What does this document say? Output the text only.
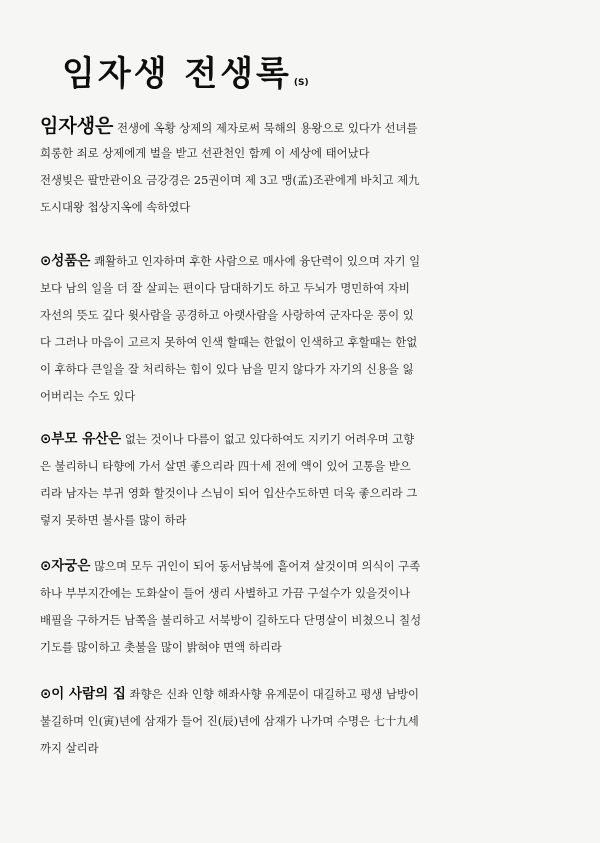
임자생 전생록 (S)
임자생은 전생에 옥황 상제의 제자로써 묵해의 용왕으로 있다가 선녀를
희롱한 죄로 상제에게 벌을 받고 선관천인 함께 이 세상에 태어났다
전생빚은 팔만관이요 금강경은 25권이며 제 3고 맹(孟)조관에게 바치고 제九
도시대왕 첩상지옥에 속하였다
⊙성품은 쾌활하고 인자하며 후한 사람으로 매사에 융단력이 있으며 자기 일
보다 남의 일을 더 잘 살피는 편이다 담대하기도 하고 두뇌가 명민하여 자비
자선의 뜻도 깊다 윗사람을 공경하고 아랫사람을 사랑하여 군자다운 풍이 있
다 그러나 마음이 고르지 못하여 인색 할때는 한없이 인색하고 후할때는 한없
이 후하다 큰일을 잘 처리하는 힘이 있다 남을 믿지 않다가 자기의 신용을 잃
어버리는 수도 있다
⊙부모 유산은 없는 것이나 다름이 없고 있다하여도 지키기 어려우며 고향
은 불리하니 타향에 가서 살면 좋으리라 四十세 전에 액이 있어 고통을 받으
리라 남자는 부귀 영화 할것이나 스님이 되어 입산수도하면 더욱 좋으리라 그
렇지 못하면 불사를 많이 하라
⊙자궁은 많으며 모두 귀인이 되어 동서남북에 흩어져 살것이며 의식이 구족
하나 부부지간에는 도화살이 들어 생리 사별하고 가끔 구설수가 있을것이나
배필을 구하거든 남쪽을 불리하고 서북방이 길하도다 단명살이 비쳤으니 칠성
기도를 많이하고 촛불을 많이 밝혀야 면액 하리라
⊙이 사람의 집 좌향은 신좌 인향 해좌사향 유계문이 대길하고 평생 남방이
불길하며 인(寅)년에 삼재가 들어 진(辰)년에 삼재가 나가며 수명은 七十九세
까지 살리라
